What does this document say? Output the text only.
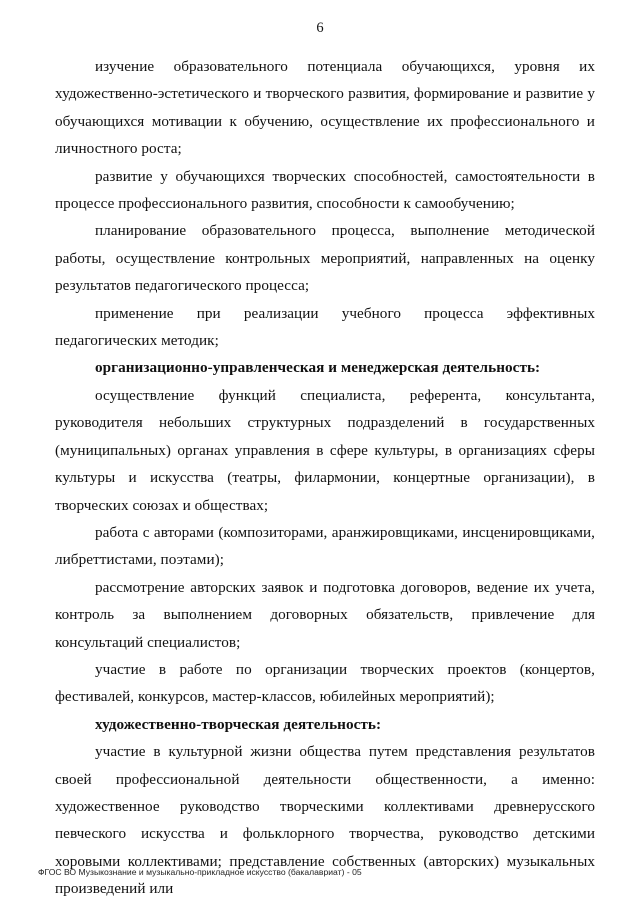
6

изучение образовательного потенциала обучающихся, уровня их художественно-эстетического и творческого развития, формирование и развитие у обучающихся мотивации к обучению, осуществление их профессионального и личностного роста;

развитие у обучающихся творческих способностей, самостоятельности в процессе профессионального развития, способности к самообучению;

планирование образовательного процесса, выполнение методической работы, осуществление контрольных мероприятий, направленных на оценку результатов педагогического процесса;

применение при реализации учебного процесса эффективных педагогических методик;

организационно-управленческая и менеджерская деятельность:

осуществление функций специалиста, референта, консультанта, руководителя небольших структурных подразделений в государственных (муниципальных) органах управления в сфере культуры, в организациях сферы культуры и искусства (театры, филармонии, концертные организации), в творческих союзах и обществах;

работа с авторами (композиторами, аранжировщиками, инсценировщиками, либреттистами, поэтами);

рассмотрение авторских заявок и подготовка договоров, ведение их учета, контроль за выполнением договорных обязательств, привлечение для консультаций специалистов;

участие в работе по организации творческих проектов (концертов, фестивалей, конкурсов, мастер-классов, юбилейных мероприятий);

художественно-творческая деятельность:

участие в культурной жизни общества путем представления результатов своей профессиональной деятельности общественности, а именно: художественное руководство творческими коллективами древнерусского певческого искусства и фольклорного творчества, руководство детскими хоровыми коллективами; представление собственных (авторских) музыкальных произведений или

ФГОС ВО Музыкознание и музыкально-прикладное искусство (бакалавриат) - 05
